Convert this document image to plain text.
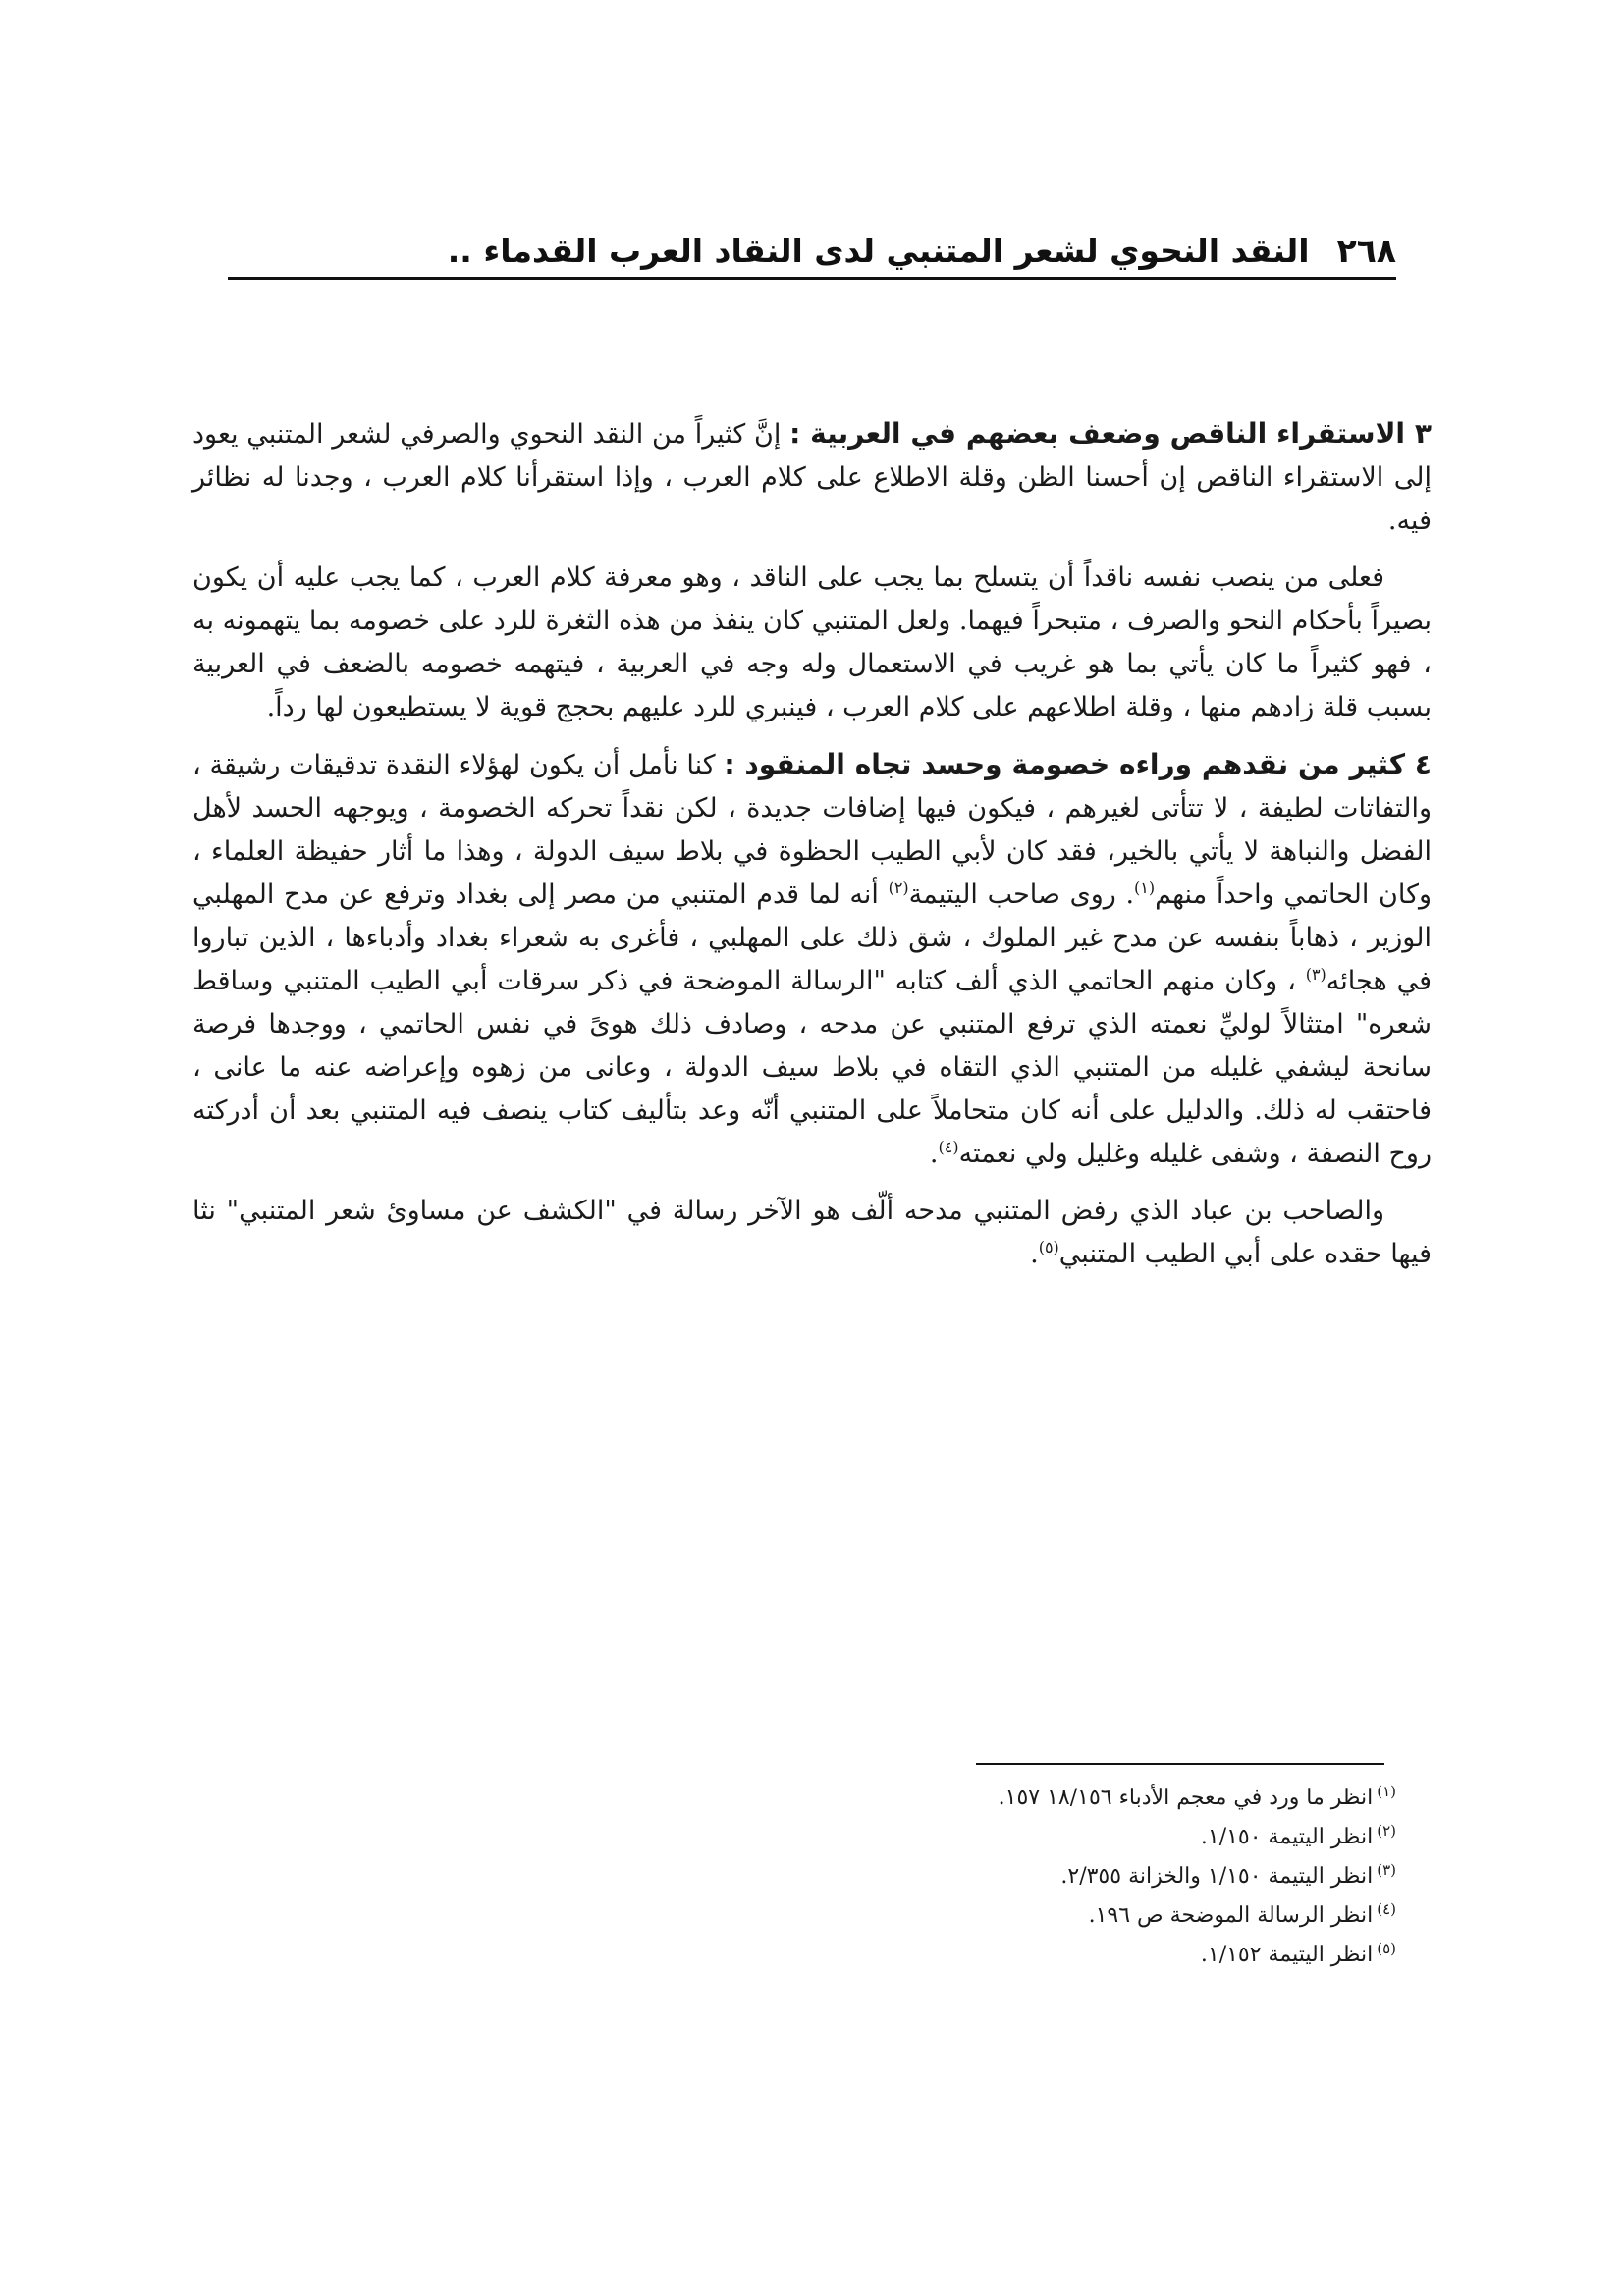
٢٦٨
النقد النحوي لشعر المتنبي لدى النقاد العرب القدماء ..

٣ الاستقراء الناقص وضعف بعضهم في العربية : إنَّ كثيراً من النقد النحوي والصرفي لشعر المتنبي يعود إلى الاستقراء الناقص إن أحسنا الظن وقلة الاطلاع على كلام العرب ، وإذا استقرأنا كلام العرب ، وجدنا له نظائر فيه.

فعلى من ينصب نفسه ناقداً أن يتسلح بما يجب على الناقد ، وهو معرفة كلام العرب ، كما يجب عليه أن يكون بصيراً بأحكام النحو والصرف ، متبحراً فيهما. ولعل المتنبي كان ينفذ من هذه الثغرة للرد على خصومه بما يتهمونه به ، فهو كثيراً ما كان يأتي بما هو غريب في الاستعمال وله وجه في العربية ، فيتهمه خصومه بالضعف في العربية بسبب قلة زادهم منها ، وقلة اطلاعهم على كلام العرب ، فينبري للرد عليهم بحجج قوية لا يستطيعون لها رداً.

٤ كثير من نقدهم وراءه خصومة وحسد تجاه المنقود : كنا نأمل أن يكون لهؤلاء النقدة تدقيقات رشيقة ، والتفاتات لطيفة ، لا تتأتى لغيرهم ، فيكون فيها إضافات جديدة ، لكن نقداً تحركه الخصومة ، ويوجهه الحسد لأهل الفضل والنباهة لا يأتي بالخير، فقد كان لأبي الطيب الحظوة في بلاط سيف الدولة ، وهذا ما أثار حفيظة العلماء ، وكان الحاتمي واحداً منهم$^{(١)}$. روى صاحب اليتيمة$^{(٢)}$ أنه لما قدم المتنبي من مصر إلى بغداد وترفع عن مدح المهلبي الوزير ، ذهاباً بنفسه عن مدح غير الملوك ، شق ذلك على المهلبي ، فأغرى به شعراء بغداد وأدباءها ، الذين تباروا في هجائه$^{(٣)}$ ، وكان منهم الحاتمي الذي ألف كتابه "الرسالة الموضحة في ذكر سرقات أبي الطيب المتنبي وساقط شعره" امتثالاً لوليِّ نعمته الذي ترفع المتنبي عن مدحه ، وصادف ذلك هوىً في نفس الحاتمي ، ووجدها فرصة سانحة ليشفي غليله من المتنبي الذي التقاه في بلاط سيف الدولة ، وعانى من زهوه وإعراضه عنه ما عانى ، فاحتقب له ذلك. والدليل على أنه كان متحاملاً على المتنبي أنّه وعد بتأليف كتاب ينصف فيه المتنبي بعد أن أدركته روح النصفة ، وشفى غليله وغليل ولي نعمته$^{(٤)}$.

والصاحب بن عباد الذي رفض المتنبي مدحه ألّف هو الآخر رسالة في "الكشف عن مساوئ شعر المتنبي" نثا فيها حقده على أبي الطيب المتنبي$^{(٥)}$.

$^{(١)}$انظر ما ورد في معجم الأدباء ١٨/١٥٦ ١٥٧.
$^{(٢)}$انظر اليتيمة ١/١٥٠.
$^{(٣)}$انظر اليتيمة ١/١٥٠ والخزانة ٢/٣٥٥.
$^{(٤)}$انظر الرسالة الموضحة ص ١٩٦.
$^{(٥)}$انظر اليتيمة ١/١٥٢.
